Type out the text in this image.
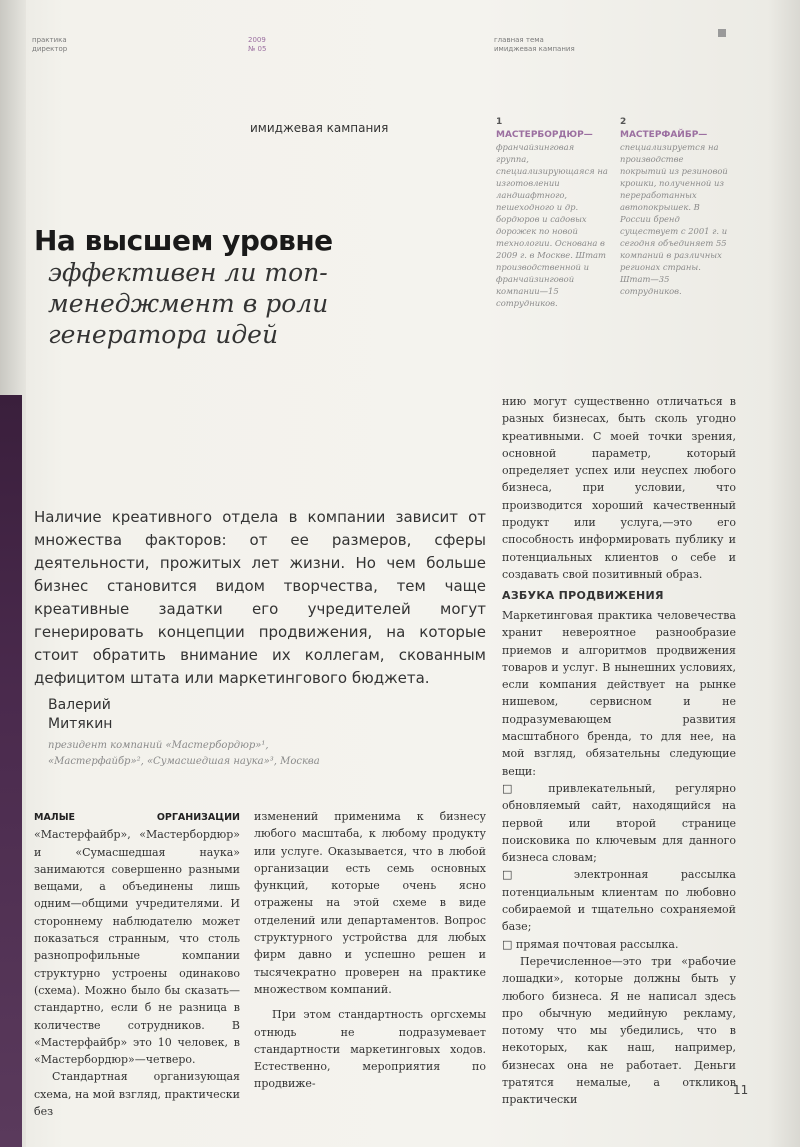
практика
директор
2009
№ 05
главная тема
имиджевая кампания
имиджевая кампания
На высшем уровне
эффективен ли топ-менеджмент в роли генератора идей
1
МАСТЕРБОРДЮР— франчайзинговая группа, специализирующаяся на изготовлении ландшафтного, пешеходного и др. бордюров и садовых дорожек по новой технологии. Основана в 2009 г. в Москве. Штат производственной и франчайзинговой компании—15 сотрудников.
2
МАСТЕРФАЙБР— специализируется на производстве покрытий из резиновой крошки, полученной из переработанных автопокрышек. В России бренд существует с 2001 г. и сегодня объединяет 55 компаний в различных регионах страны. Штат—35 сотрудников.
Наличие креативного отдела в компании зависит от множества факторов: от ее размеров, сферы деятельности, прожитых лет жизни. Но чем больше бизнес становится видом творчества, тем чаще креативные задатки его учредителей могут генерировать концепции продвижения, на которые стоит обратить внимание их коллегам, скованным дефицитом штата или маркетингового бюджета.
Валерий
Митякин
президент компаний «Мастербордюр»¹, «Мастерфайбр»², «Сумасшедшая наука»³, Москва

МАЛЫЕ ОРГАНИЗАЦИИ «Мастерфайбр», «Мастербордюр» и «Сумасшедшая наука» занимаются совершенно разными вещами, а объединены лишь одним—общими учредителями. И стороннему наблюдателю может показаться странным, что столь разнопрофильные компании структурно устроены одинаково (схема). Можно было бы сказать—стандартно, если б не разница в количестве сотрудников. В «Мастерфайбр» это 10 человек, в «Мастербордюр»—четверо.

Стандартная организующая схема, на мой взгляд, практически без

изменений применима к бизнесу любого масштаба, к любому продукту или услуге. Оказывается, что в любой организации есть семь основных функций, которые очень ясно отражены на этой схеме в виде отделений или департаментов. Вопрос структурного устройства для любых фирм давно и успешно решен и тысячекратно проверен на практике множеством компаний.

При этом стандартность оргсхемы отнюдь не подразумевает стандартности маркетинговых ходов. Естественно, мероприятия по продвиже-

нию могут существенно отличаться в разных бизнесах, быть сколь угодно креативными. С моей точки зрения, основной параметр, который определяет успех или неуспех любого бизнеса, при условии, что производится хороший качественный продукт или услуга,—это его способность информировать публику и потенциальных клиентов о себе и создавать свой позитивный образ.

АЗБУКА ПРОДВИЖЕНИЯ

Маркетинговая практика человечества хранит невероятное разнообразие приемов и алгоритмов продвижения товаров и услуг. В нынешних условиях, если компания действует на рынке нишевом, сервисном и не подразумевающем развития масштабного бренда, то для нее, на мой взгляд, обязательны следующие вещи:

□ привлекательный, регулярно обновляемый сайт, находящийся на первой или второй странице поисковика по ключевым для данного бизнеса словам;

□ электронная рассылка потенциальным клиентам по любовно собираемой и тщательно сохраняемой базе;

□ прямая почтовая рассылка.

Перечисленное—это три «рабочие лошадки», которые должны быть у любого бизнеса. Я не написал здесь про обычную медийную рекламу, потому что мы убедились, что в некоторых, как наш, например, бизнесах она не работает. Деньги тратятся немалые, а откликов практически

11
